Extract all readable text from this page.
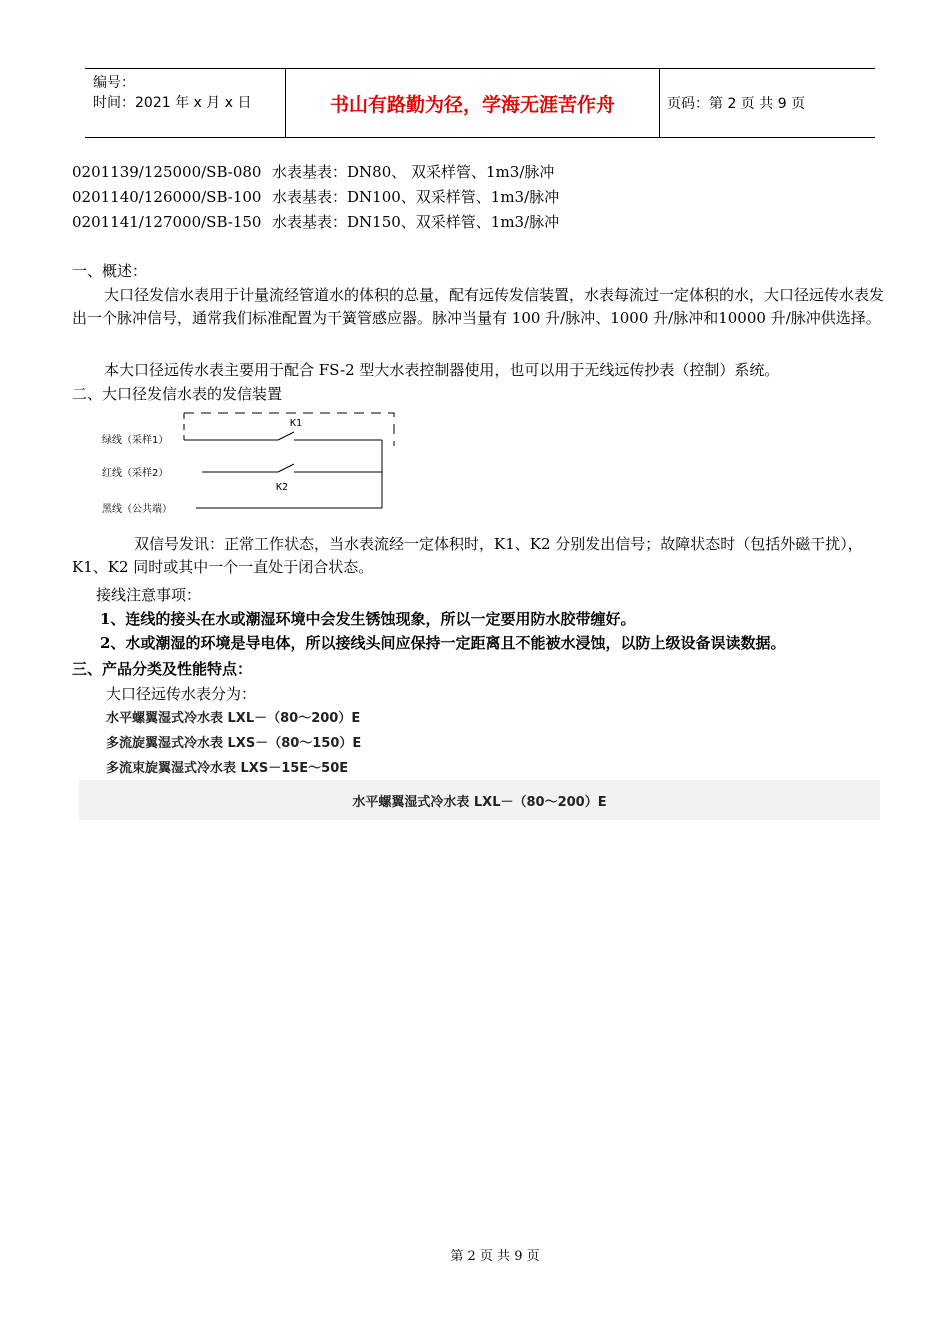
编号：
时间：2021 年 x 月 x 日	书山有路勤为径，学海无涯苦作舟	页码：第 2 页 共 9 页
0201139/125000/SB-080 水表基表：DN80、 双采样管、1m3/脉冲
0201140/126000/SB-100 水表基表：DN100、双采样管、1m3/脉冲
0201141/127000/SB-150 水表基表：DN150、双采样管、1m3/脉冲
一、概述：
大口径发信水表用于计量流经管道水的体积的总量，配有远传发信装置，水表每流过一定体积的水，大口径远传水表发出一个脉冲信号，通常我们标准配置为干簧管感应器。脉冲当量有 100 升/脉冲、1000 升/脉冲和10000 升/脉冲供选择。
本大口径远传水表主要用于配合 FS-2 型大水表控制器使用，也可以用于无线远传抄表（控制）系统。
二、大口径发信水表的发信装置
K1
K2
绿线（采样1）
红线（采样2）
黑线（公共端）
双信号发讯：正常工作状态，当水表流经一定体积时，K1、K2 分别发出信号；故障状态时（包括外磁干扰），K1、K2 同时或其中一个一直处于闭合状态。
接线注意事项：
1、连线的接头在水或潮湿环境中会发生锈蚀现象，所以一定要用防水胶带缠好。
2、水或潮湿的环境是导电体，所以接线头间应保持一定距离且不能被水浸蚀，以防上级设备误读数据。
三、产品分类及性能特点：
大口径远传水表分为：
水平螺翼湿式冷水表 LXL－（80～200）E
多流旋翼湿式冷水表 LXS－（80～150）E
多流束旋翼湿式冷水表 LXS－15E～50E
水平螺翼湿式冷水表 LXL－（80～200）E
第 2 页 共 9 页
